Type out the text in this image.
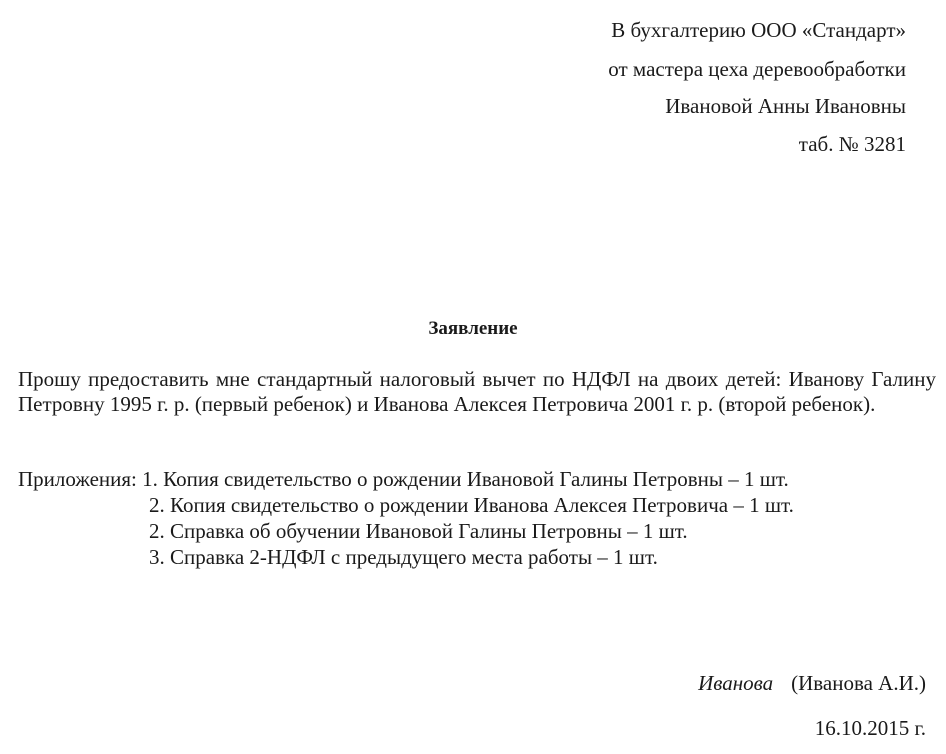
В бухгалтерию ООО «Стандарт»
от мастера цеха деревообработки
Ивановой Анны Ивановны
таб. № 3281
Заявление
Прошу предоставить мне стандартный налоговый вычет по НДФЛ на двоих детей: Иванову Галину Петровну 1995 г. р. (первый ребенок) и Иванова Алексея Петровича 2001 г. р. (второй ребенок).
Приложения: 1. Копия свидетельство о рождении Ивановой Галины Петровны – 1 шт.
2. Копия свидетельство о рождении Иванова Алексея Петровича – 1 шт.
2. Справка об обучении Ивановой Галины Петровны – 1 шт.
3. Справка 2-НДФЛ с предыдущего места работы – 1 шт.
Иванова (Иванова А.И.)
16.10.2015 г.
